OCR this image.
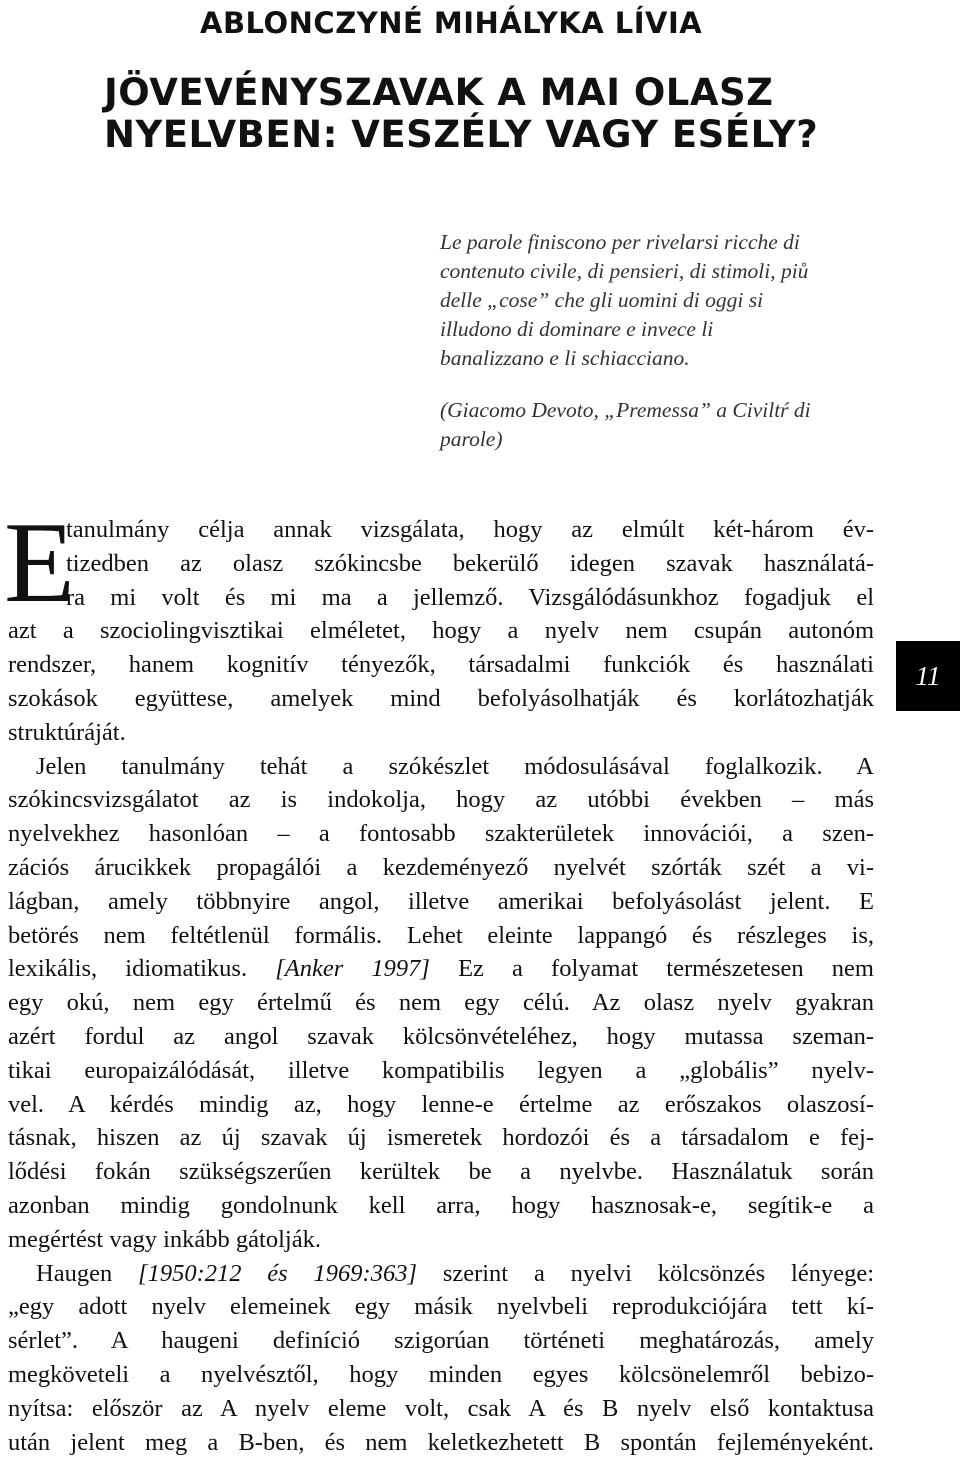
ABLONCZYNÉ MIHÁLYKA LÍVIA
JÖVEVÉNYSZAVAK A MAI OLASZ
NYELVBEN: VESZÉLY VAGY ESÉLY?
Le parole finiscono per rivelarsi ricche di
contenuto civile, di pensieri, di stimoli, piů
delle „cose” che gli uomini di oggi si
illudono di dominare e invece li
banalizzano e li schiacciano.
(Giacomo Devoto, „Premessa” a Civiltŕ di
parole)
E
tanulmány célja annak vizsgálata, hogy az elmúlt két-három év-
tizedben az olasz szókincsbe bekerülő idegen szavak használatá-
ra mi volt és mi ma a jellemző. Vizsgálódásunkhoz fogadjuk el
azt a szociolingvisztikai elméletet, hogy a nyelv nem csupán autonóm
rendszer, hanem kognitív tényezők, társadalmi funkciók és használati
szokások együttese, amelyek mind befolyásolhatják és korlátozhatják
struktúráját.
Jelen tanulmány tehát a szókészlet módosulásával foglalkozik. A
szókincsvizsgálatot az is indokolja, hogy az utóbbi években – más
nyelvekhez hasonlóan – a fontosabb szakterületek innovációi, a szen-
zációs árucikkek propagálói a kezdeményező nyelvét szórták szét a vi-
lágban, amely többnyire angol, illetve amerikai befolyásolást jelent. E
betörés nem feltétlenül formális. Lehet eleinte lappangó és részleges is,
lexikális, idiomatikus. [Anker 1997] Ez a folyamat természetesen nem
egy okú, nem egy értelmű és nem egy célú. Az olasz nyelv gyakran
azért fordul az angol szavak kölcsönvételéhez, hogy mutassa szeman-
tikai europaizálódását, illetve kompatibilis legyen a „globális” nyelv-
vel. A kérdés mindig az, hogy lenne-e értelme az erőszakos olaszosí-
tásnak, hiszen az új szavak új ismeretek hordozói és a társadalom e fej-
lődési fokán szükségszerűen kerültek be a nyelvbe. Használatuk során
azonban mindig gondolnunk kell arra, hogy hasznosak-e, segítik-e a
megértést vagy inkább gátolják.
Haugen [1950:212 és 1969:363] szerint a nyelvi kölcsönzés lényege:
„egy adott nyelv elemeinek egy másik nyelvbeli reprodukciójára tett kí-
sérlet”. A haugeni definíció szigorúan történeti meghatározás, amely
megköveteli a nyelvésztől, hogy minden egyes kölcsönelemről bebizo-
nyítsa: először az A nyelv eleme volt, csak A és B nyelv első kontaktusa
után jelent meg a B-ben, és nem keletkezhetett B spontán fejleményeként.
11
